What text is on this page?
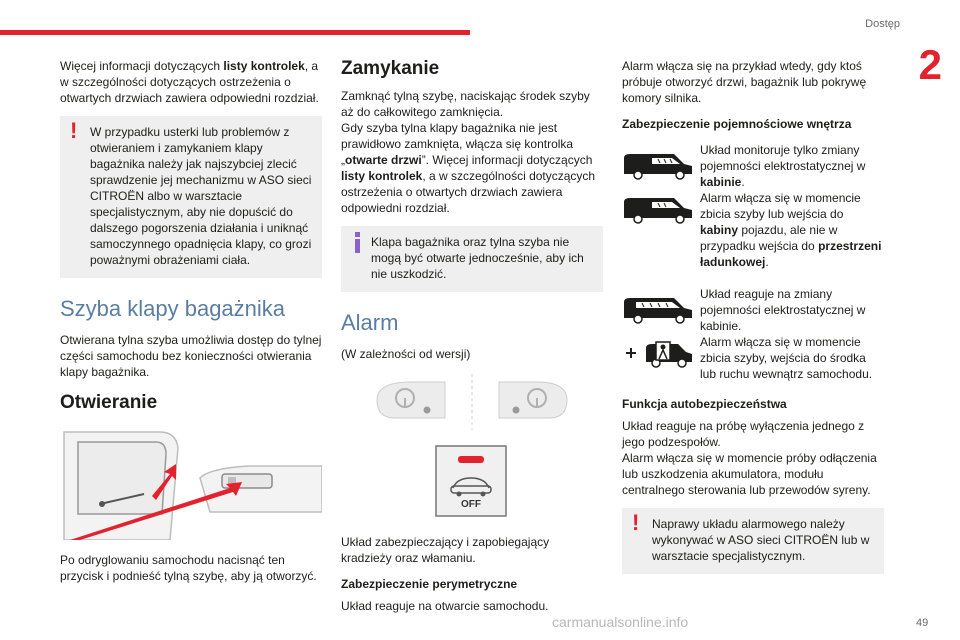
Dostęp
2

Więcej informacji dotyczących listy kontrolek, a w szczególności dotyczących ostrzeżenia o otwartych drzwiach zawiera odpowiedni rozdział.

! W przypadku usterki lub problemów z otwieraniem i zamykaniem klapy bagażnika należy jak najszybciej zlecić sprawdzenie jej mechanizmu w ASO sieci CITROËN albo w warsztacie specjalistycznym, aby nie dopuścić do dalszego pogorszenia działania i uniknąć samoczynnego opadnięcia klapy, co grozi poważnymi obrażeniami ciała.
Szyba klapy bagażnika

Otwierana tylna szyba umożliwia dostęp do tylnej części samochodu bez konieczności otwierania klapy bagażnika.

Otwieranie

Po odryglowaniu samochodu nacisnąć ten przycisk i podnieść tylną szybę, aby ją otworzyć.

Zamykanie

Zamknąć tylną szybę, naciskając środek szyby aż do całkowitego zamknięcia.

Gdy szyba tylna klapy bagażnika nie jest prawidłowo zamknięta, włącza się kontrolka „otwarte drzwi”. Więcej informacji dotyczących listy kontrolek, a w szczególności dotyczących ostrzeżenia o otwartych drzwiach zawiera odpowiedni rozdział.

Klapa bagażnika oraz tylna szyba nie mogą być otwarte jednocześnie, aby ich nie uszkodzić.
Alarm

(W zależności od wersji)

OFF

Układ zabezpieczający i zapobiegający kradzieży oraz włamaniu.

Zabezpieczenie perymetryczne

Układ reaguje na otwarcie samochodu.

Alarm włącza się na przykład wtedy, gdy ktoś próbuje otworzyć drzwi, bagażnik lub pokrywę komory silnika.

Zabezpieczenie pojemnościowe wnętrza

Układ monitoruje tylko zmiany pojemności elektrostatycznej w kabinie.

Alarm włącza się w momencie zbicia szyby lub wejścia do kabiny pojazdu, ale nie w przypadku wejścia do przestrzeni ładunkowej.

Układ reaguje na zmiany pojemności elektrostatycznej w kabinie.

Alarm włącza się w momencie zbicia szyby, wejścia do środka lub ruchu wewnątrz samochodu.

Funkcja autobezpieczeństwa

Układ reaguje na próbę wyłączenia jednego z jego podzespołów.

Alarm włącza się w momencie próby odłączenia lub uszkodzenia akumulatora, modułu centralnego sterowania lub przewodów syreny.

! Naprawy układu alarmowego należy wykonywać w ASO sieci CITROËN lub w warsztacie specjalistycznym.
carmanualsonline.info	49
